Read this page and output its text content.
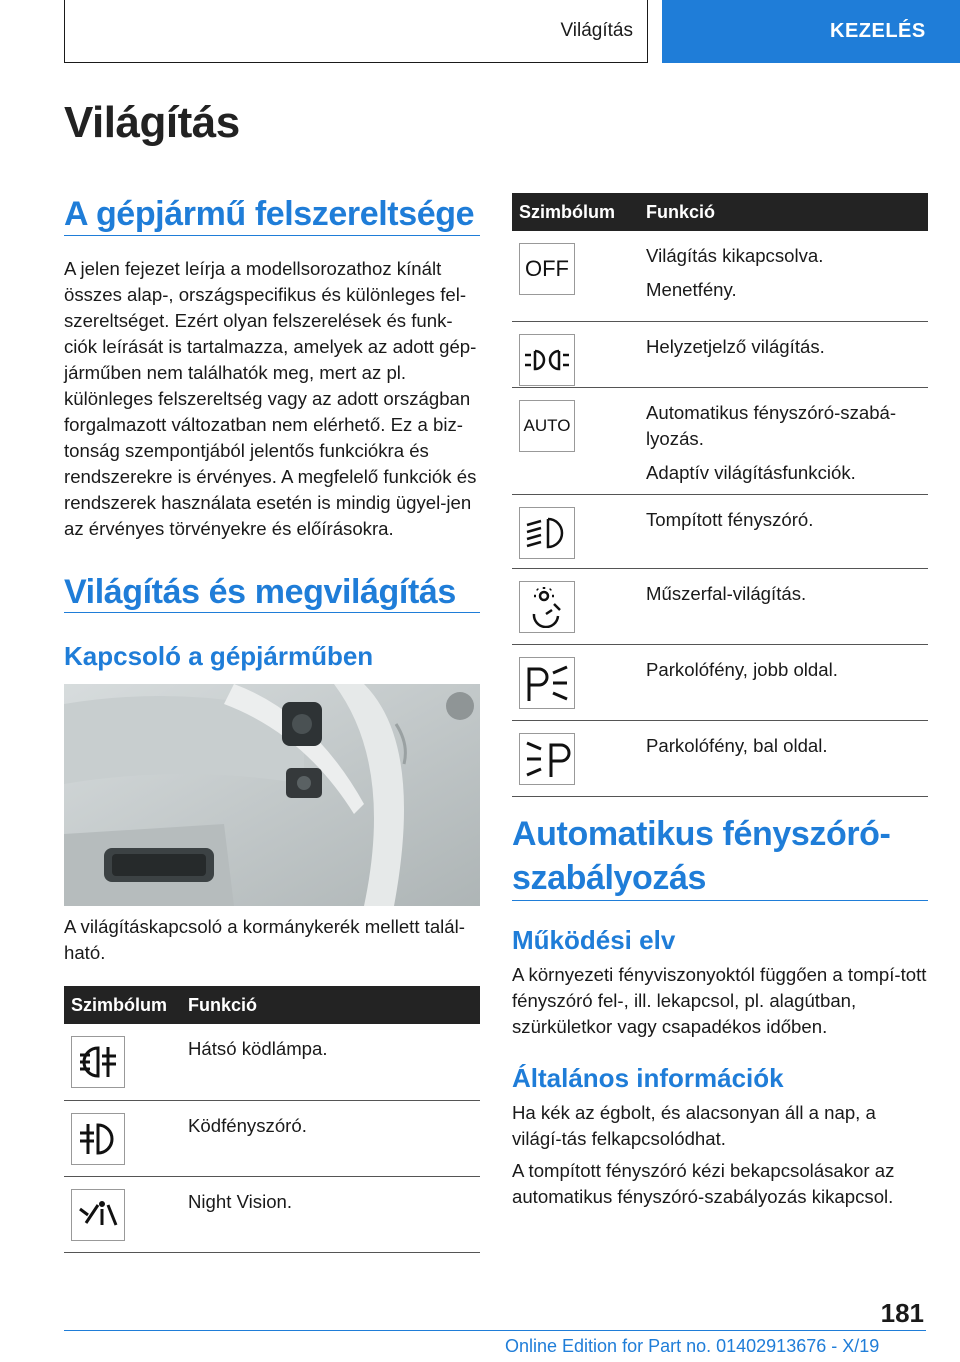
Világítás	KEZELÉS
Világítás
A gépjármű felszereltsége

A jelen fejezet leírja a modellsorozathoz kínált összes alap-, országspecifikus és különleges fel-szereltséget. Ezért olyan felszerelések és funk-ciók leírását is tartalmazza, amelyek az adott gép-járműben nem találhatók meg, mert az pl. különleges felszereltség vagy az adott országban forgalmazott változatban nem elérhető. Ez a biz-tonság szempontjából jelentős funkciókra és rendszerekre is érvényes. A megfelelő funkciók és rendszerek használata esetén is mindig ügyel-jen az érvényes törvényekre és előírásokra.

Világítás és megvilágítás
Kapcsoló a gépjárműben

A világításkapcsoló a kormánykerék mellett talál-ható.

Szimbólum	Funkció

Hátsó ködlámpa.

Ködfényszóró.

Night Vision.

Szimbólum	Funkció

OFF	Világítás kikapcsolva.

Menetfény.

Helyzetjelző világítás.

AUTO	Automatikus fényszóró-szabá-lyozás.

Adaptív világításfunkciók.

Tompított fényszóró.

Műszerfal-világítás.

Parkolófény, jobb oldal.

Parkolófény, bal oldal.

Automatikus fényszóró-szabályozás
Működési elv

A környezeti fényviszonyoktól függően a tompí-tott fényszóró fel-, ill. lekapcsol, pl. alagútban, szürkületkor vagy csapadékos időben.

Általános információk

Ha kék az égbolt, és alacsonyan áll a nap, a világí-tás felkapcsolódhat.

A tompított fényszóró kézi bekapcsolásakor az automatikus fényszóró-szabályozás kikapcsol.

181
Online Edition for Part no. 01402913676 - X/19
